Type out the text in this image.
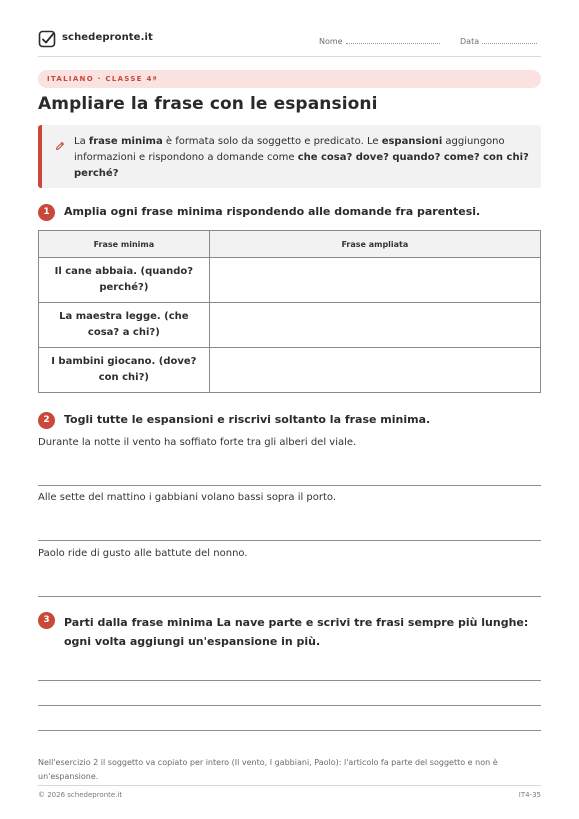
schedepronte.it	Nome	Data
ITALIANO · CLASSE 4ª
Ampliare la frase con le espansioni
La frase minima è formata solo da soggetto e predicato. Le espansioni aggiungono informazioni e rispondono a domande come che cosa? dove? quando? come? con chi? perché?
1	Amplia ogni frase minima rispondendo alle domande fra parentesi.
Frase minima	Frase ampliata
Il cane abbaia. (quando? perché?)	
La maestra legge. (che cosa? a chi?)	
I bambini giocano. (dove? con chi?)	
2	Togli tutte le espansioni e riscrivi soltanto la frase minima.
Durante la notte il vento ha soffiato forte tra gli alberi del viale.
Alle sette del mattino i gabbiani volano bassi sopra il porto.
Paolo ride di gusto alle battute del nonno.
3	Parti dalla frase minima La nave parte e scrivi tre frasi sempre più lunghe: ogni volta aggiungi un'espansione in più.
Nell'esercizio 2 il soggetto va copiato per intero (Il vento, I gabbiani, Paolo): l'articolo fa parte del soggetto e non è un'espansione.
© 2026 schedepronte.it	IT4-35
